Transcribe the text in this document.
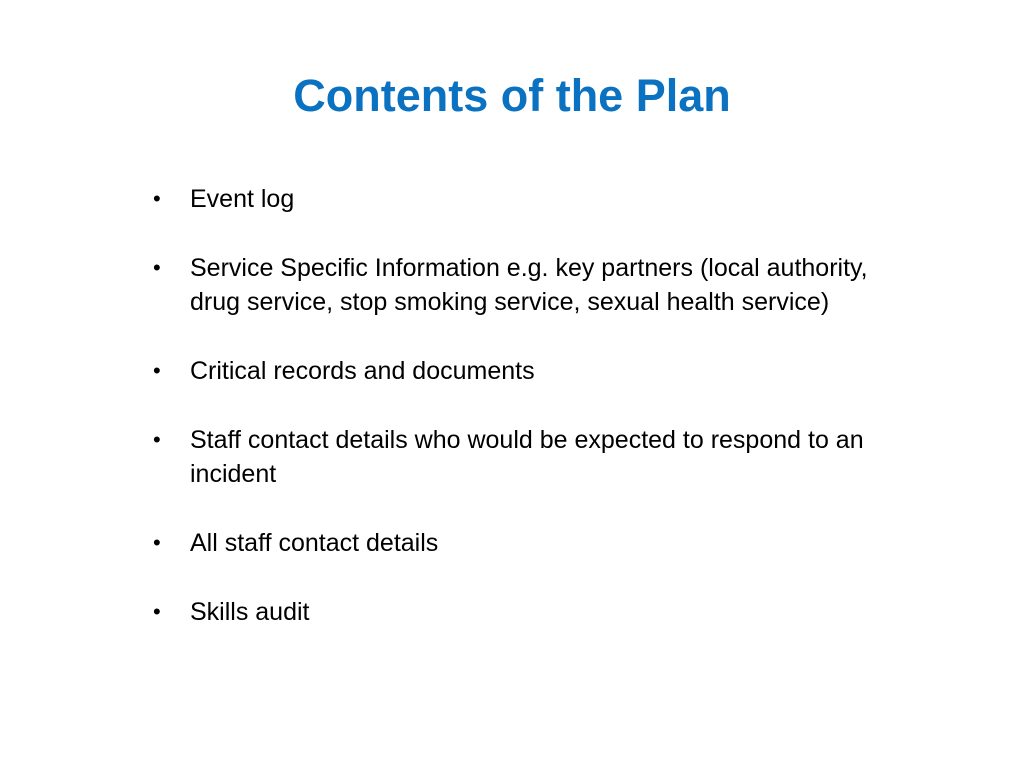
Contents of the Plan
•	Event log
•	Service Specific Information e.g. key partners (local authority, drug service, stop smoking service, sexual health service)
•	Critical records and documents
•	Staff contact details who would be expected to respond to an incident
•	All staff contact details
•	Skills audit
